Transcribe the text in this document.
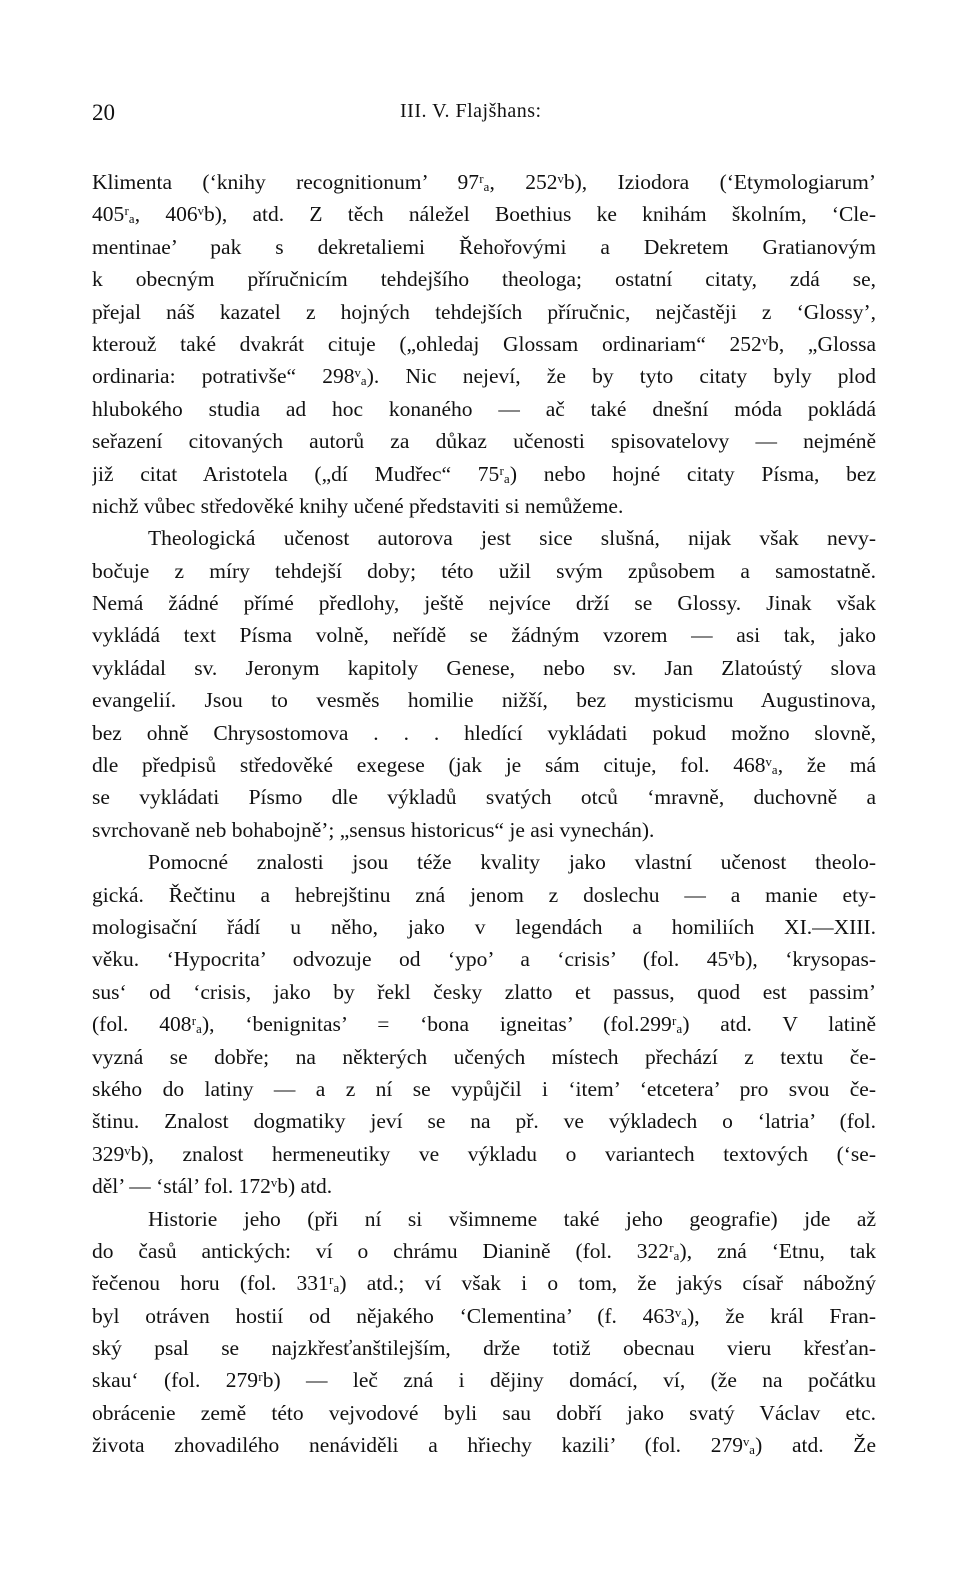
20	III. V. Flajšhans:
Klimenta (‘knihy recognitionum’ 97ʳₐ, 252ᵛb), Iziodora (‘Etymologiarum’
405ʳₐ, 406ᵛb), atd. Z těch náležel Boethius ke knihám školním, ‘Cle-
mentinae’ pak s dekretaliemi Řehořovými a Dekretem Gratianovým
k obecným příručnicím tehdejšího theologa; ostatní citaty, zdá se,
přejal náš kazatel z hojných tehdejších příručnic, nejčastěji z ‘Glossy’,
kterouž také dvakrát cituje („ohledaj Glossam ordinariam“ 252ᵛb, „Glossa
ordinaria: potrativše“ 298ᵛₐ). Nic nejeví, že by tyto citaty byly plod
hlubokého studia ad hoc konaného — ač také dnešní móda pokládá
seřazení citovaných autorů za důkaz učenosti spisovatelovy — nejméně
již citat Aristotela („dí Mudřec“ 75ʳₐ) nebo hojné citaty Písma, bez
nichž vůbec středověké knihy učené představiti si nemůžeme.
Theologická učenost autorova jest sice slušná, nijak však nevy-
bočuje z míry tehdejší doby; této užil svým způsobem a samostatně.
Nemá žádné přímé předlohy, ještě nejvíce drží se Glossy. Jinak však
vykládá text Písma volně, neřídě se žádným vzorem — asi tak, jako
vykládal sv. Jeronym kapitoly Genese, nebo sv. Jan Zlatoústý slova
evangelií. Jsou to vesměs homilie nižší, bez mysticismu Augustinova,
bez ohně Chrysostomova . . . hledící vykládati pokud možno slovně,
dle předpisů středověké exegese (jak je sám cituje, fol. 468ᵛₐ, že má
se vykládati Písmo dle výkladů svatých otců ‘mravně, duchovně a
svrchovaně neb bohabojně’; „sensus historicus“ je asi vynechán).
Pomocné znalosti jsou téže kvality jako vlastní učenost theolo-
gická. Řečtinu a hebrejštinu zná jenom z doslechu — a manie ety-
mologisační řádí u něho, jako v legendách a homiliích XI.—XIII.
věku. ‘Hypocrita’ odvozuje od ‘ypo’ a ‘crisis’ (fol. 45ᵛb), ‘krysopas-
sus‘ od ‘crisis, jako by řekl česky zlatto et passus, quod est passim’
(fol. 408ʳₐ), ‘benignitas’ = ‘bona igneitas’ (fol.299ʳₐ) atd. V latině
vyzná se dobře; na některých učených místech přechází z textu če-
ského do latiny — a z ní se vypůjčil i ‘item’ ‘etcetera’ pro svou če-
štinu. Znalost dogmatiky jeví se na př. ve výkladech o ‘latria’ (fol.
329ᵛb), znalost hermeneutiky ve výkladu o variantech textových (‘se-
děl’ — ‘stál’ fol. 172ᵛb) atd.
Historie jeho (při ní si všimneme také jeho geografie) jde až
do časů antických: ví o chrámu Dianině (fol. 322ʳₐ), zná ‘Etnu, tak
řečenou horu (fol. 331ʳₐ) atd.; ví však i o tom, že jakýs císař nábožný
byl otráven hostií od nějakého ‘Clementina’ (f. 463ᵛₐ), že král Fran-
ský psal se najzkřesťanštilejším, drže totiž obecnau vieru křesťan-
skau‘ (fol. 279ʳb) — leč zná i dějiny domácí, ví, (že na počátku
obrácenie země této vejvodové byli sau dobří jako svatý Václav etc.
života zhovadilého nenáviděli a hřiechy kazili’ (fol. 279ᵛₐ) atd. Že
